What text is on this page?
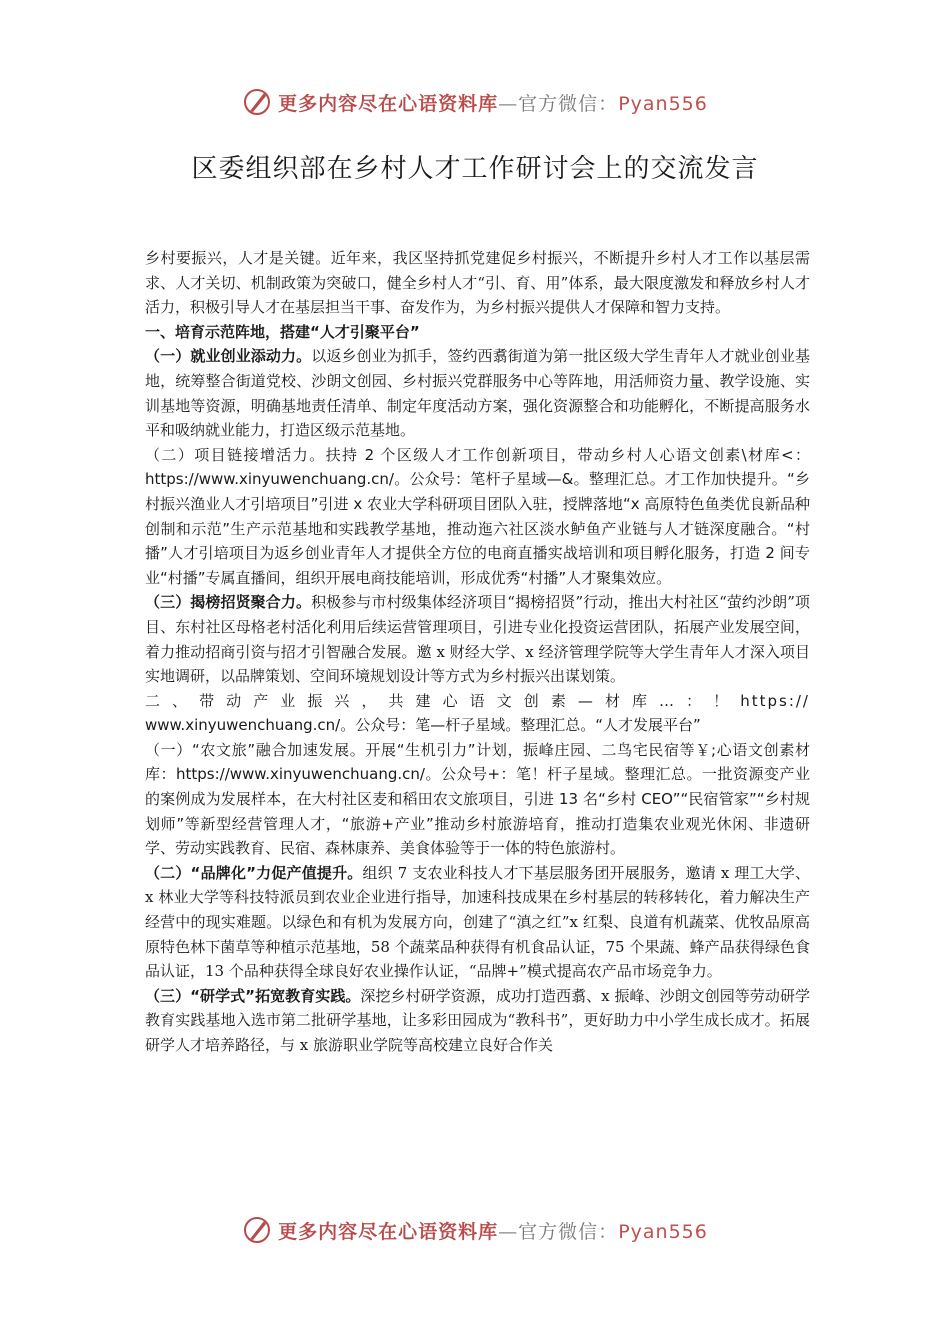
更多内容尽在心语资料库—官方微信：Pyan556
区委组织部在乡村人才工作研讨会上的交流发言

乡村要振兴，人才是关键。近年来，我区坚持抓党建促乡村振兴，不断提升乡村人才工作以基层需求、人才关切、机制政策为突破口，健全乡村人才“引、育、用”体系，最大限度激发和释放乡村人才活力，积极引导人才在基层担当干事、奋发作为，为乡村振兴提供人才保障和智力支持。

一、培育示范阵地，搭建“人才引聚平台”

（一）就业创业添动力。以返乡创业为抓手，签约西翥街道为第一批区级大学生青年人才就业创业基地，统筹整合街道党校、沙朗文创园、乡村振兴党群服务中心等阵地，用活师资力量、教学设施、实训基地等资源，明确基地责任清单、制定年度活动方案，强化资源整合和功能孵化，不断提高服务水平和吸纳就业能力，打造区级示范基地。

（二）项目链接增活力。扶持 2 个区级人才工作创新项目，带动乡村人心语文创素\材库<：https://www.xinyuwenchuang.cn/。公众号：笔杆子星域—&。整理汇总。才工作加快提升。“乡村振兴渔业人才引培项目”引进 x 农业大学科研项目团队入驻，授牌落地“x 高原特色鱼类优良新品种创制和示范”生产示范基地和实践教学基地，推动迤六社区淡水鲈鱼产业链与人才链深度融合。“村播”人才引培项目为返乡创业青年人才提供全方位的电商直播实战培训和项目孵化服务，打造 2 间专业“村播”专属直播间，组织开展电商技能培训，形成优秀“村播”人才聚集效应。

（三）揭榜招贤聚合力。积极参与市村级集体经济项目“揭榜招贤”行动，推出大村社区“萤约沙朗”项目、东村社区母格老村活化利用后续运营管理项目，引进专业化投资运营团队，拓展产业发展空间，着力推动招商引资与招才引智融合发展。邀 x 财经大学、x 经济管理学院等大学生青年人才深入项目实地调研，以品牌策划、空间环境规划设计等方式为乡村振兴出谋划策。

二、带动产业振兴，共建心语文创素—材库…：！https://

www.xinyuwenchuang.cn/。公众号：笔—杆子星域。整理汇总。“人才发展平台”

（一）“农文旅”融合加速发展。开展“生机引力”计划，振峰庄园、二鸟宅民宿等￥;心语文创素材库：https://www.xinyuwenchuang.cn/。公众号+：笔！杆子星域。整理汇总。一批资源变产业的案例成为发展样本，在大村社区麦和稻田农文旅项目，引进 13 名“乡村 CEO”“民宿管家”“乡村规划师”等新型经营管理人才，“旅游+产业”推动乡村旅游培育，推动打造集农业观光休闲、非遗研学、劳动实践教育、民宿、森林康养、美食体验等于一体的特色旅游村。

（二）“品牌化”力促产值提升。组织 7 支农业科技人才下基层服务团开展服务，邀请 x 理工大学、x 林业大学等科技特派员到农业企业进行指导，加速科技成果在乡村基层的转移转化，着力解决生产经营中的现实难题。以绿色和有机为发展方向，创建了“滇之红”x 红梨、良道有机蔬菜、优牧品原高原特色林下菌草等种植示范基地，58 个蔬菜品种获得有机食品认证，75 个果蔬、蜂产品获得绿色食品认证，13 个品种获得全球良好农业操作认证，“品牌+”模式提高农产品市场竞争力。

（三）“研学式”拓宽教育实践。深挖乡村研学资源，成功打造西翥、x 振峰、沙朗文创园等劳动研学教育实践基地入选市第二批研学基地，让多彩田园成为“教科书”，更好助力中小学生成长成才。拓展研学人才培养路径，与 x 旅游职业学院等高校建立良好合作关

更多内容尽在心语资料库—官方微信：Pyan556
